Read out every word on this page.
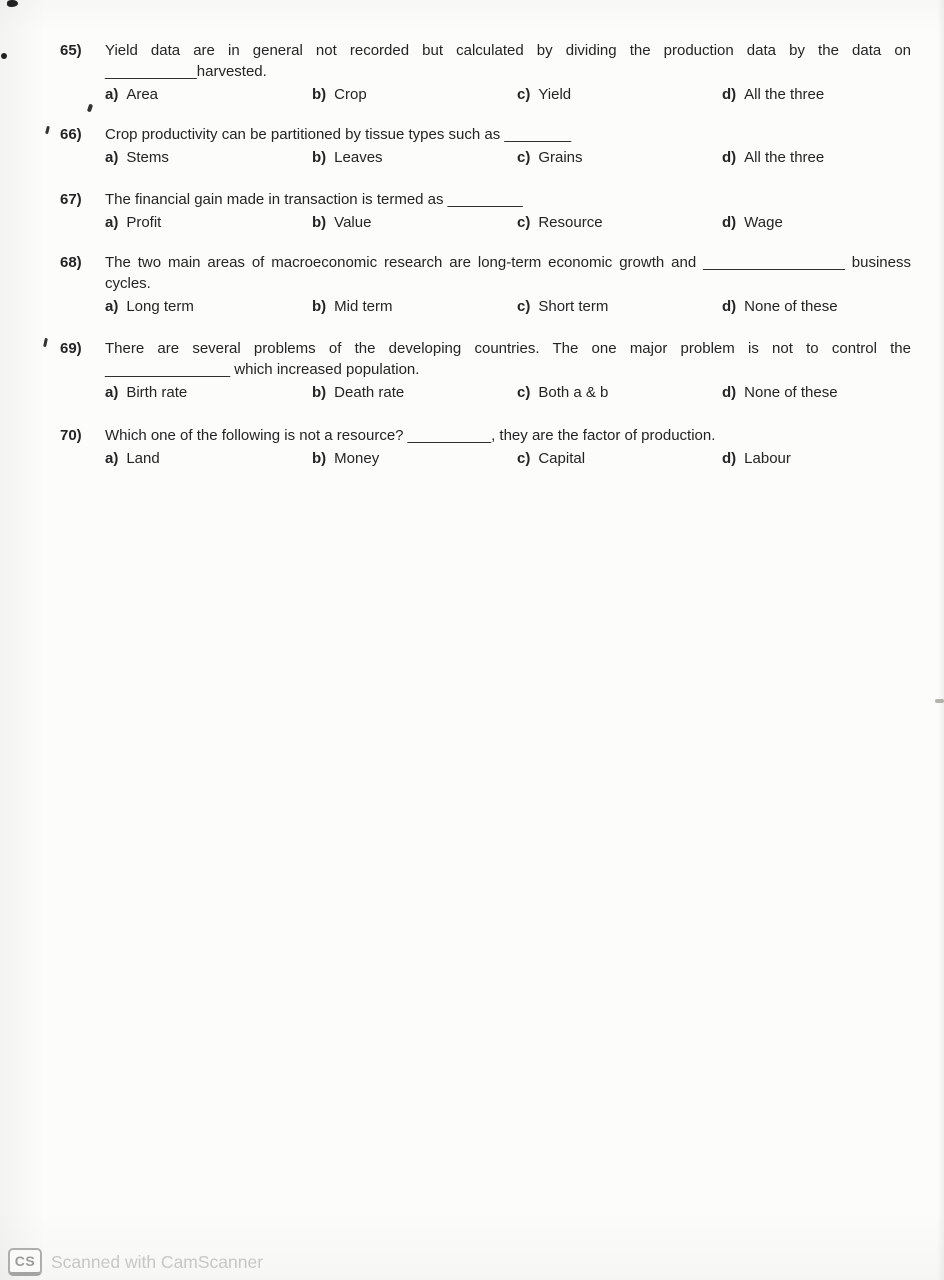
65)	Yield data are in general not recorded but calculated by dividing the production data by the data on
___________harvested.
a) Area	b) Crop	c) Yield	d) All the three
66)	Crop productivity can be partitioned by tissue types such as ________
a) Stems	b) Leaves	c) Grains	d) All the three
67)	The financial gain made in transaction is termed as _________
a) Profit	b) Value	c) Resource	d) Wage
68)	The two main areas of macroeconomic research are long-term economic growth and _________________ business
cycles.
a) Long term	b) Mid term	c) Short term	d) None of these
69)	There are several problems of the developing countries. The one major problem is not to control the
_______________ which increased population.
a) Birth rate	b) Death rate	c) Both a & b	d) None of these
70)	Which one of the following is not a resource? __________, they are the factor of production.
a) Land	b) Money	c) Capital	d) Labour
CS Scanned with CamScanner
